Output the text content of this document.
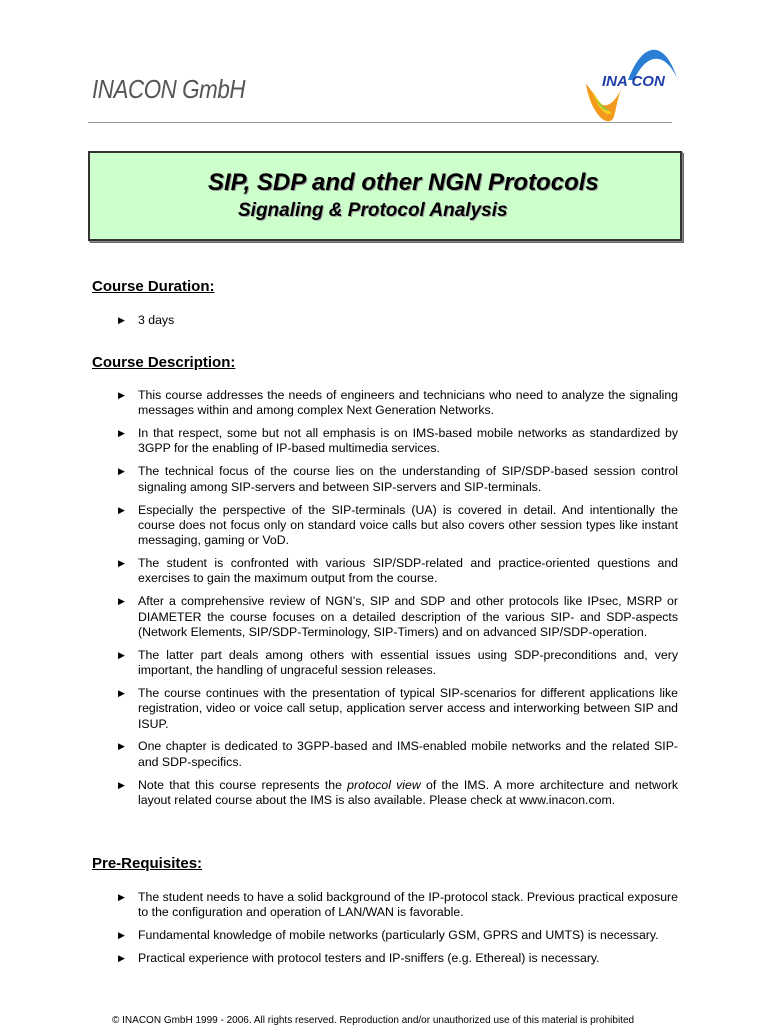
INACON GmbH	INA CON
SIP, SDP and other NGN Protocols
Signaling & Protocol Analysis
Course Duration:
▶ 3 days
Course Description:
▶ This course addresses the needs of engineers and technicians who need to analyze the signaling messages within and among complex Next Generation Networks.
▶ In that respect, some but not all emphasis is on IMS-based mobile networks as standardized by 3GPP for the enabling of IP-based multimedia services.
▶ The technical focus of the course lies on the understanding of SIP/SDP-based session control signaling among SIP-servers and between SIP-servers and SIP-terminals.
▶ Especially the perspective of the SIP-terminals (UA) is covered in detail. And intentionally the course does not focus only on standard voice calls but also covers other session types like instant messaging, gaming or VoD.
▶ The student is confronted with various SIP/SDP-related and practice-oriented questions and exercises to gain the maximum output from the course.
▶ After a comprehensive review of NGN’s, SIP and SDP and other protocols like IPsec, MSRP or DIAMETER the course focuses on a detailed description of the various SIP- and SDP-aspects (Network Elements, SIP/SDP-Terminology, SIP-Timers) and on advanced SIP/SDP-operation.
▶ The latter part deals among others with essential issues using SDP-preconditions and, very important, the handling of ungraceful session releases.
▶ The course continues with the presentation of typical SIP-scenarios for different applications like registration, video or voice call setup, application server access and interworking between SIP and ISUP.
▶ One chapter is dedicated to 3GPP-based and IMS-enabled mobile networks and the related SIP- and SDP-specifics.
▶ Note that this course represents the protocol view of the IMS. A more architecture and network layout related course about the IMS is also available. Please check at www.inacon.com.
Pre-Requisites:
▶ The student needs to have a solid background of the IP-protocol stack. Previous practical exposure to the configuration and operation of LAN/WAN is favorable.
▶ Fundamental knowledge of mobile networks (particularly GSM, GPRS and UMTS) is necessary.
▶ Practical experience with protocol testers and IP-sniffers (e.g. Ethereal) is necessary.
© INACON GmbH 1999 - 2006. All rights reserved. Reproduction and/or unauthorized use of this material is prohibited
